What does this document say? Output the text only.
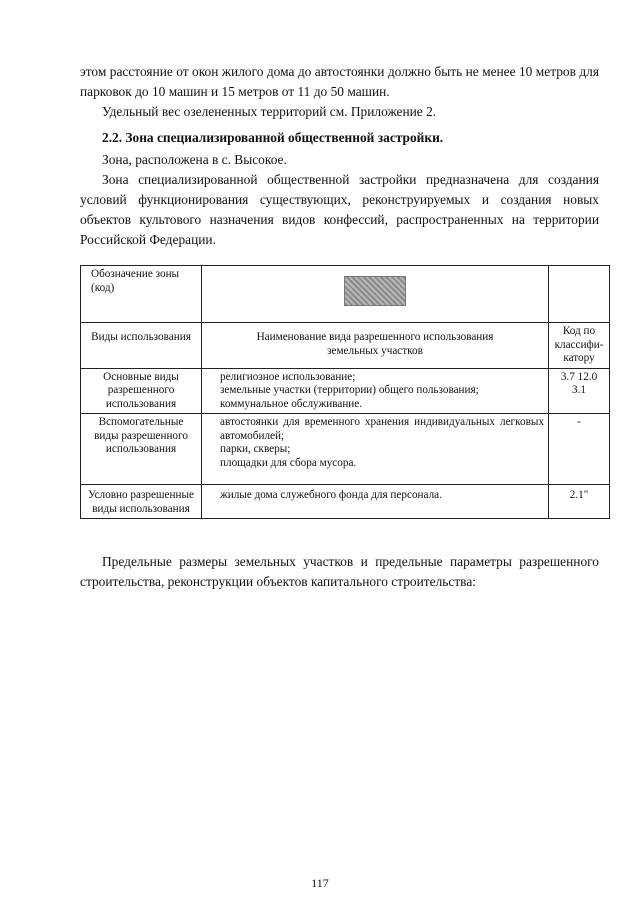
этом расстояние от окон жилого дома до автостоянки должно быть не менее 10 метров для парковок до 10 машин и 15 метров от 11 до 50 машин.

Удельный вес озелененных территорий см. Приложение 2.

2.2. Зона специализированной общественной застройки.

Зона, расположена в с. Высокое.

Зона специализированной общественной застройки предназначена для создания условий функционирования существующих, реконструируемых и создания новых объектов культового назначения видов конфессий, распространенных на территории Российской Федерации.

Обозначение зоны (код)	

Виды использования	Наименование вида разрешенного использования земельных участков	Код по классифи-катору
Основные виды разрешенного использования	религиозное использование;
земельные участки (территории) общего пользования;
коммунальное обслуживание.	3.7 12.0 3.1
Вспомогательные виды разрешенного использования	автостоянки для временного хранения индивидуальных легковых автомобилей;
парки, скверы;
площадки для сбора мусора.	-
Условно разрешенные виды использования	жилые дома служебного фонда для персонала.	2.1"

Предельные размеры земельных участков и предельные параметры разрешенного строительства, реконструкции объектов капитального строительства:

117
